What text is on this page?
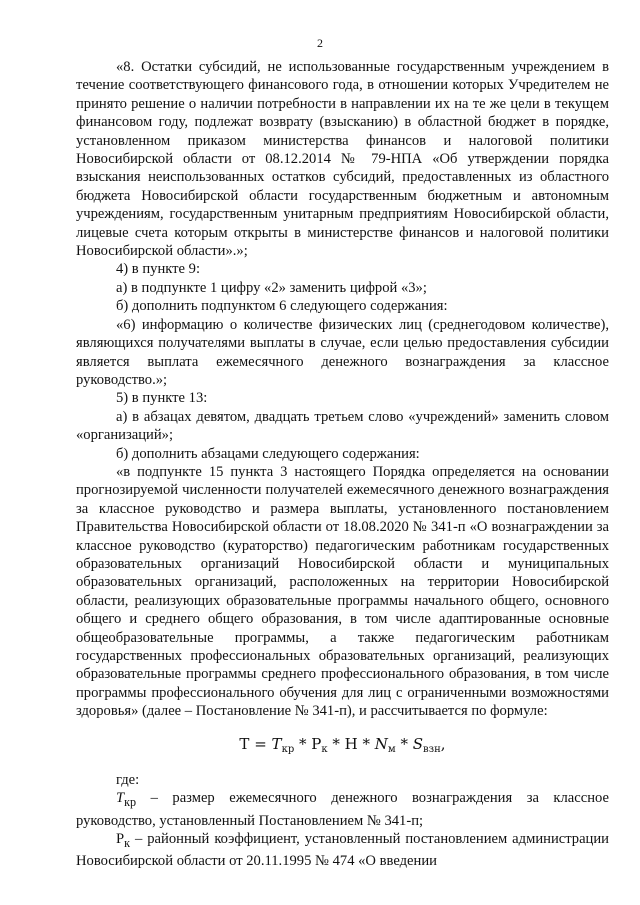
2

«8. Остатки субсидий, не использованные государственным учреждением в течение соответствующего финансового года, в отношении которых Учредителем не принято решение о наличии потребности в направлении их на те же цели в текущем финансовом году, подлежат возврату (взысканию) в областной бюджет в порядке, установленном приказом министерства финансов и налоговой политики Новосибирской области от 08.12.2014 № 79-НПА «Об утверждении порядка взыскания неиспользованных остатков субсидий, предоставленных из областного бюджета Новосибирской области государственным бюджетным и автономным учреждениям, государственным унитарным предприятиям Новосибирской области, лицевые счета которым открыты в министерстве финансов и налоговой политики Новосибирской области».»;

4) в пункте 9:

а) в подпункте 1 цифру «2» заменить цифрой «3»;

б) дополнить подпунктом 6 следующего содержания:

«6) информацию о количестве физических лиц (среднегодовом количестве), являющихся получателями выплаты в случае, если целью предоставления субсидии является выплата ежемесячного денежного вознаграждения за классное руководство.»;

5) в пункте 13:

а) в абзацах девятом, двадцать третьем слово «учреждений» заменить словом «организаций»;

б) дополнить абзацами следующего содержания:

«в подпункте 15 пункта 3 настоящего Порядка определяется на основании прогнозируемой численности получателей ежемесячного денежного вознаграждения за классное руководство и размера выплаты, установленного постановлением Правительства Новосибирской области от 18.08.2020 № 341-п «О вознаграждении за классное руководство (кураторство) педагогическим работникам государственных образовательных организаций Новосибирской области и муниципальных образовательных организаций, расположенных на территории Новосибирской области, реализующих образовательные программы начального общего, основного общего и среднего общего образования, в том числе адаптированные основные общеобразовательные программы, а также педагогическим работникам государственных профессиональных образовательных организаций, реализующих образовательные программы среднего профессионального образования, в том числе программы профессионального обучения для лиц с ограниченными возможностями здоровья» (далее – Постановление № 341-п), и рассчитывается по формуле:

$T = T_{кр} * Р_к * Н * N_м * S_{взн}$,

где:

$T_{кр}$ – размер ежемесячного денежного вознаграждения за классное руководство, установленный Постановлением № 341-п;

$Р_к$ – районный коэффициент, установленный постановлением администрации Новосибирской области от 20.11.1995 № 474 «О введении
